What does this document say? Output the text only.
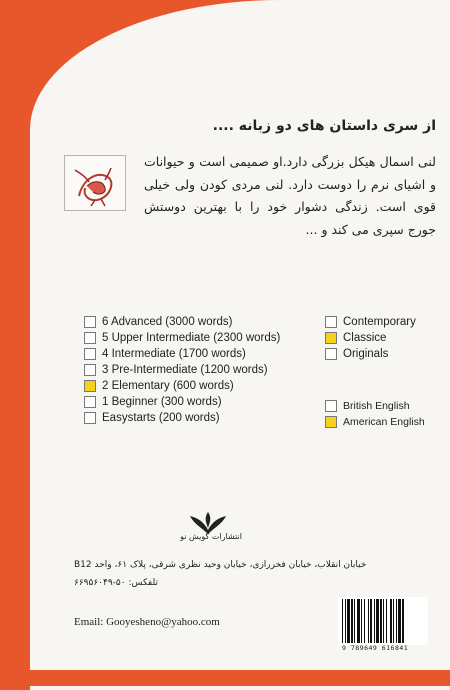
از سری داستان های دو زبانه ....
لنی اسمال هیکل بزرگی دارد.او صمیمی است و حیوانات و اشیای نرم را دوست دارد. لنی مردی کودن ولی خیلی قوی است. زندگی دشوار خود را با بهترین دوستش جورج سپری می کند و ...
6 Advanced (3000 words)
5 Upper Intermediate (2300 words)
4 Intermediate (1700 words)
3 Pre-Intermediate (1200 words)
2 Elementary (600 words)
1 Beginner (300 words)
Easystarts (200 words)
Contemporary
Classice
Originals
British English
American English
انتشارات گویش نو
خیابان انقلاب، خیابان فخررازی، خیابان وحید نظری شرقی، پلاک ۶۱، واحد B12
تلفکس: ۵۰-۶۶۹۵۶۰۴۹
Email: Gooyesheno@yahoo.com
9 789649 616841
